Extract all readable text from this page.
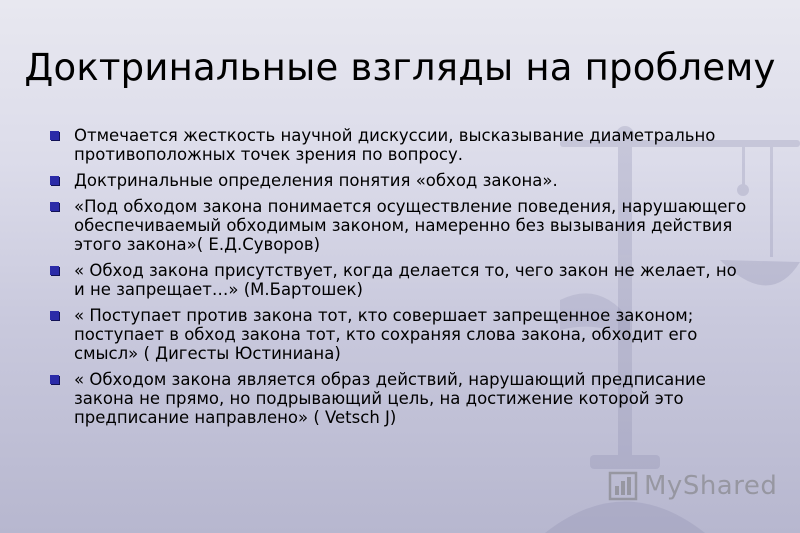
Доктринальные взгляды на проблему
Отмечается жесткость научной дискуссии, высказывание диаметрально противоположных точек зрения по вопросу.
Доктринальные определения понятия «обход закона».
«Под обходом закона понимается осуществление поведения, нарушающего обеспечиваемый обходимым законом, намеренно без вызывания действия этого закона»( Е.Д.Суворов)
« Обход закона присутствует, когда делается то, чего закон не желает, но и не запрещает…» (М.Бартошек)
« Поступает против закона тот, кто совершает запрещенное законом; поступает в обход закона тот, кто сохраняя слова закона, обходит его смысл» ( Дигесты Юстиниана)
« Обходом закона является образ действий, нарушающий предписание закона не прямо, но подрывающий цель, на достижение которой это предписание направлено» ( Vetsch J)
MyShared
